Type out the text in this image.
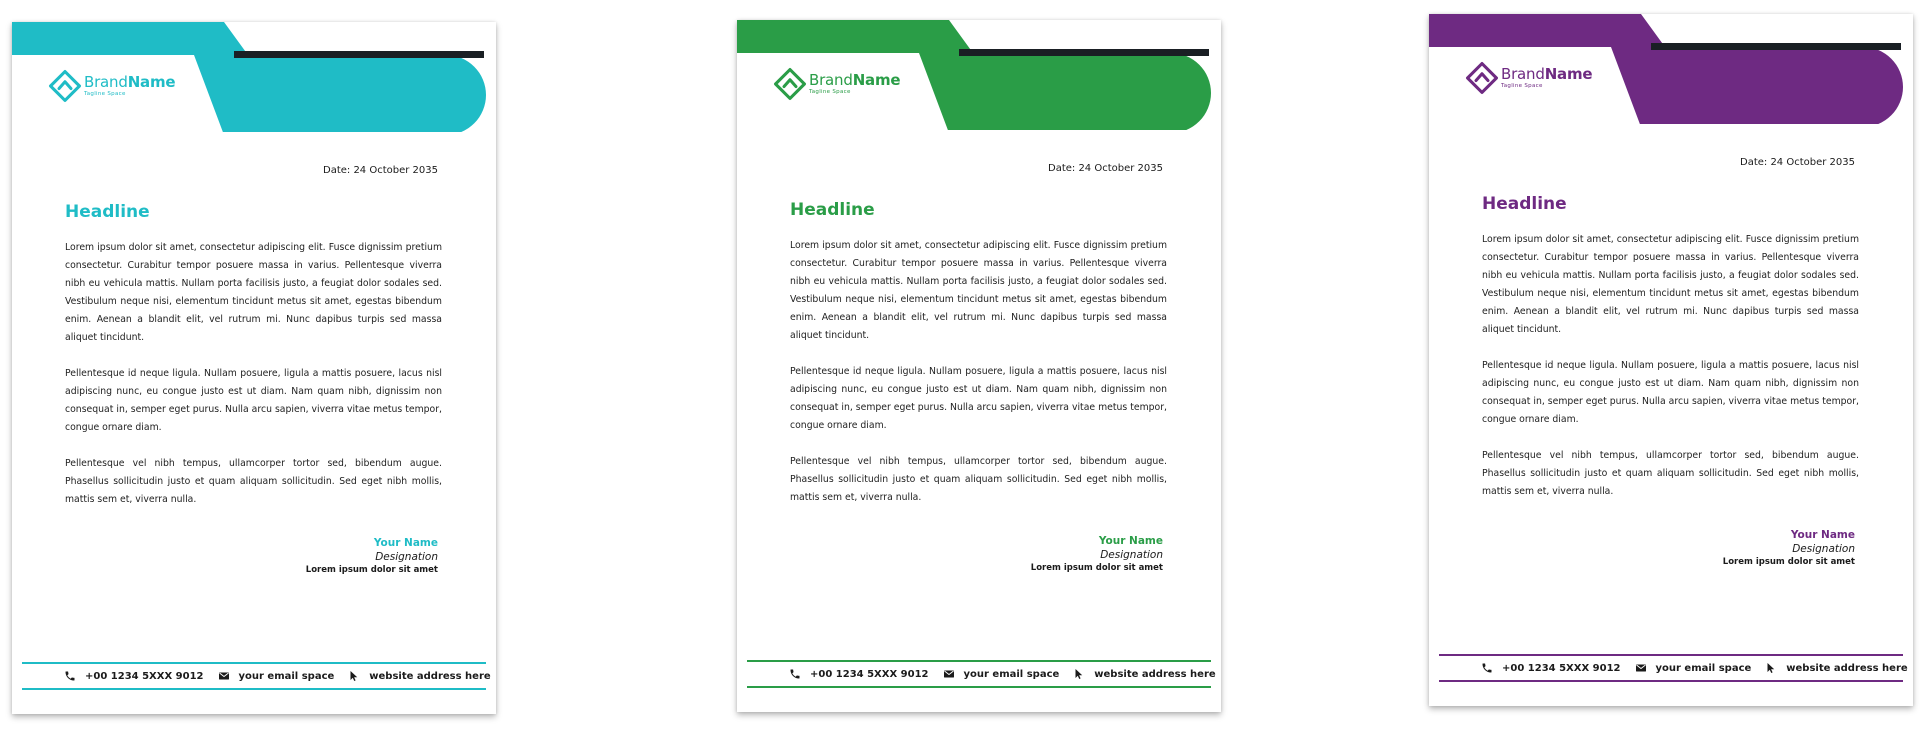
BrandName
Tagline Space
Date: 24 October 2035
Headline

Lorem ipsum dolor sit amet, consectetur adipiscing elit. Fusce dignissim pretium consectetur. Curabitur tempor posuere massa in varius. Pellentesque viverra nibh eu vehicula mattis. Nullam porta facilisis justo, a feugiat dolor sodales sed. Vestibulum neque nisi, elementum tincidunt metus sit amet, egestas bibendum enim. Aenean a blandit elit, vel rutrum mi. Nunc dapibus turpis sed massa aliquet tincidunt.

Pellentesque id neque ligula. Nullam posuere, ligula a mattis posuere, lacus nisl adipiscing nunc, eu congue justo est ut diam. Nam quam nibh, dignissim non consequat in, semper eget purus. Nulla arcu sapien, viverra vitae metus tempor, congue ornare diam.

Pellentesque vel nibh tempus, ullamcorper tortor sed, bibendum augue. Phasellus sollicitudin justo et quam aliquam sollicitudin. Sed eget nibh mollis, mattis sem et, viverra nulla.

Your Name
Designation
Lorem ipsum dolor sit amet
+00 1234 5XXX 9012	your email space	website address here
BrandName
Tagline Space
Date: 24 October 2035
Headline

Lorem ipsum dolor sit amet, consectetur adipiscing elit. Fusce dignissim pretium consectetur. Curabitur tempor posuere massa in varius. Pellentesque viverra nibh eu vehicula mattis. Nullam porta facilisis justo, a feugiat dolor sodales sed. Vestibulum neque nisi, elementum tincidunt metus sit amet, egestas bibendum enim. Aenean a blandit elit, vel rutrum mi. Nunc dapibus turpis sed massa aliquet tincidunt.

Pellentesque id neque ligula. Nullam posuere, ligula a mattis posuere, lacus nisl adipiscing nunc, eu congue justo est ut diam. Nam quam nibh, dignissim non consequat in, semper eget purus. Nulla arcu sapien, viverra vitae metus tempor, congue ornare diam.

Pellentesque vel nibh tempus, ullamcorper tortor sed, bibendum augue. Phasellus sollicitudin justo et quam aliquam sollicitudin. Sed eget nibh mollis, mattis sem et, viverra nulla.

Your Name
Designation
Lorem ipsum dolor sit amet
+00 1234 5XXX 9012	your email space	website address here
BrandName
Tagline Space
Date: 24 October 2035
Headline

Lorem ipsum dolor sit amet, consectetur adipiscing elit. Fusce dignissim pretium consectetur. Curabitur tempor posuere massa in varius. Pellentesque viverra nibh eu vehicula mattis. Nullam porta facilisis justo, a feugiat dolor sodales sed. Vestibulum neque nisi, elementum tincidunt metus sit amet, egestas bibendum enim. Aenean a blandit elit, vel rutrum mi. Nunc dapibus turpis sed massa aliquet tincidunt.

Pellentesque id neque ligula. Nullam posuere, ligula a mattis posuere, lacus nisl adipiscing nunc, eu congue justo est ut diam. Nam quam nibh, dignissim non consequat in, semper eget purus. Nulla arcu sapien, viverra vitae metus tempor, congue ornare diam.

Pellentesque vel nibh tempus, ullamcorper tortor sed, bibendum augue. Phasellus sollicitudin justo et quam aliquam sollicitudin. Sed eget nibh mollis, mattis sem et, viverra nulla.

Your Name
Designation
Lorem ipsum dolor sit amet
+00 1234 5XXX 9012	your email space	website address here
